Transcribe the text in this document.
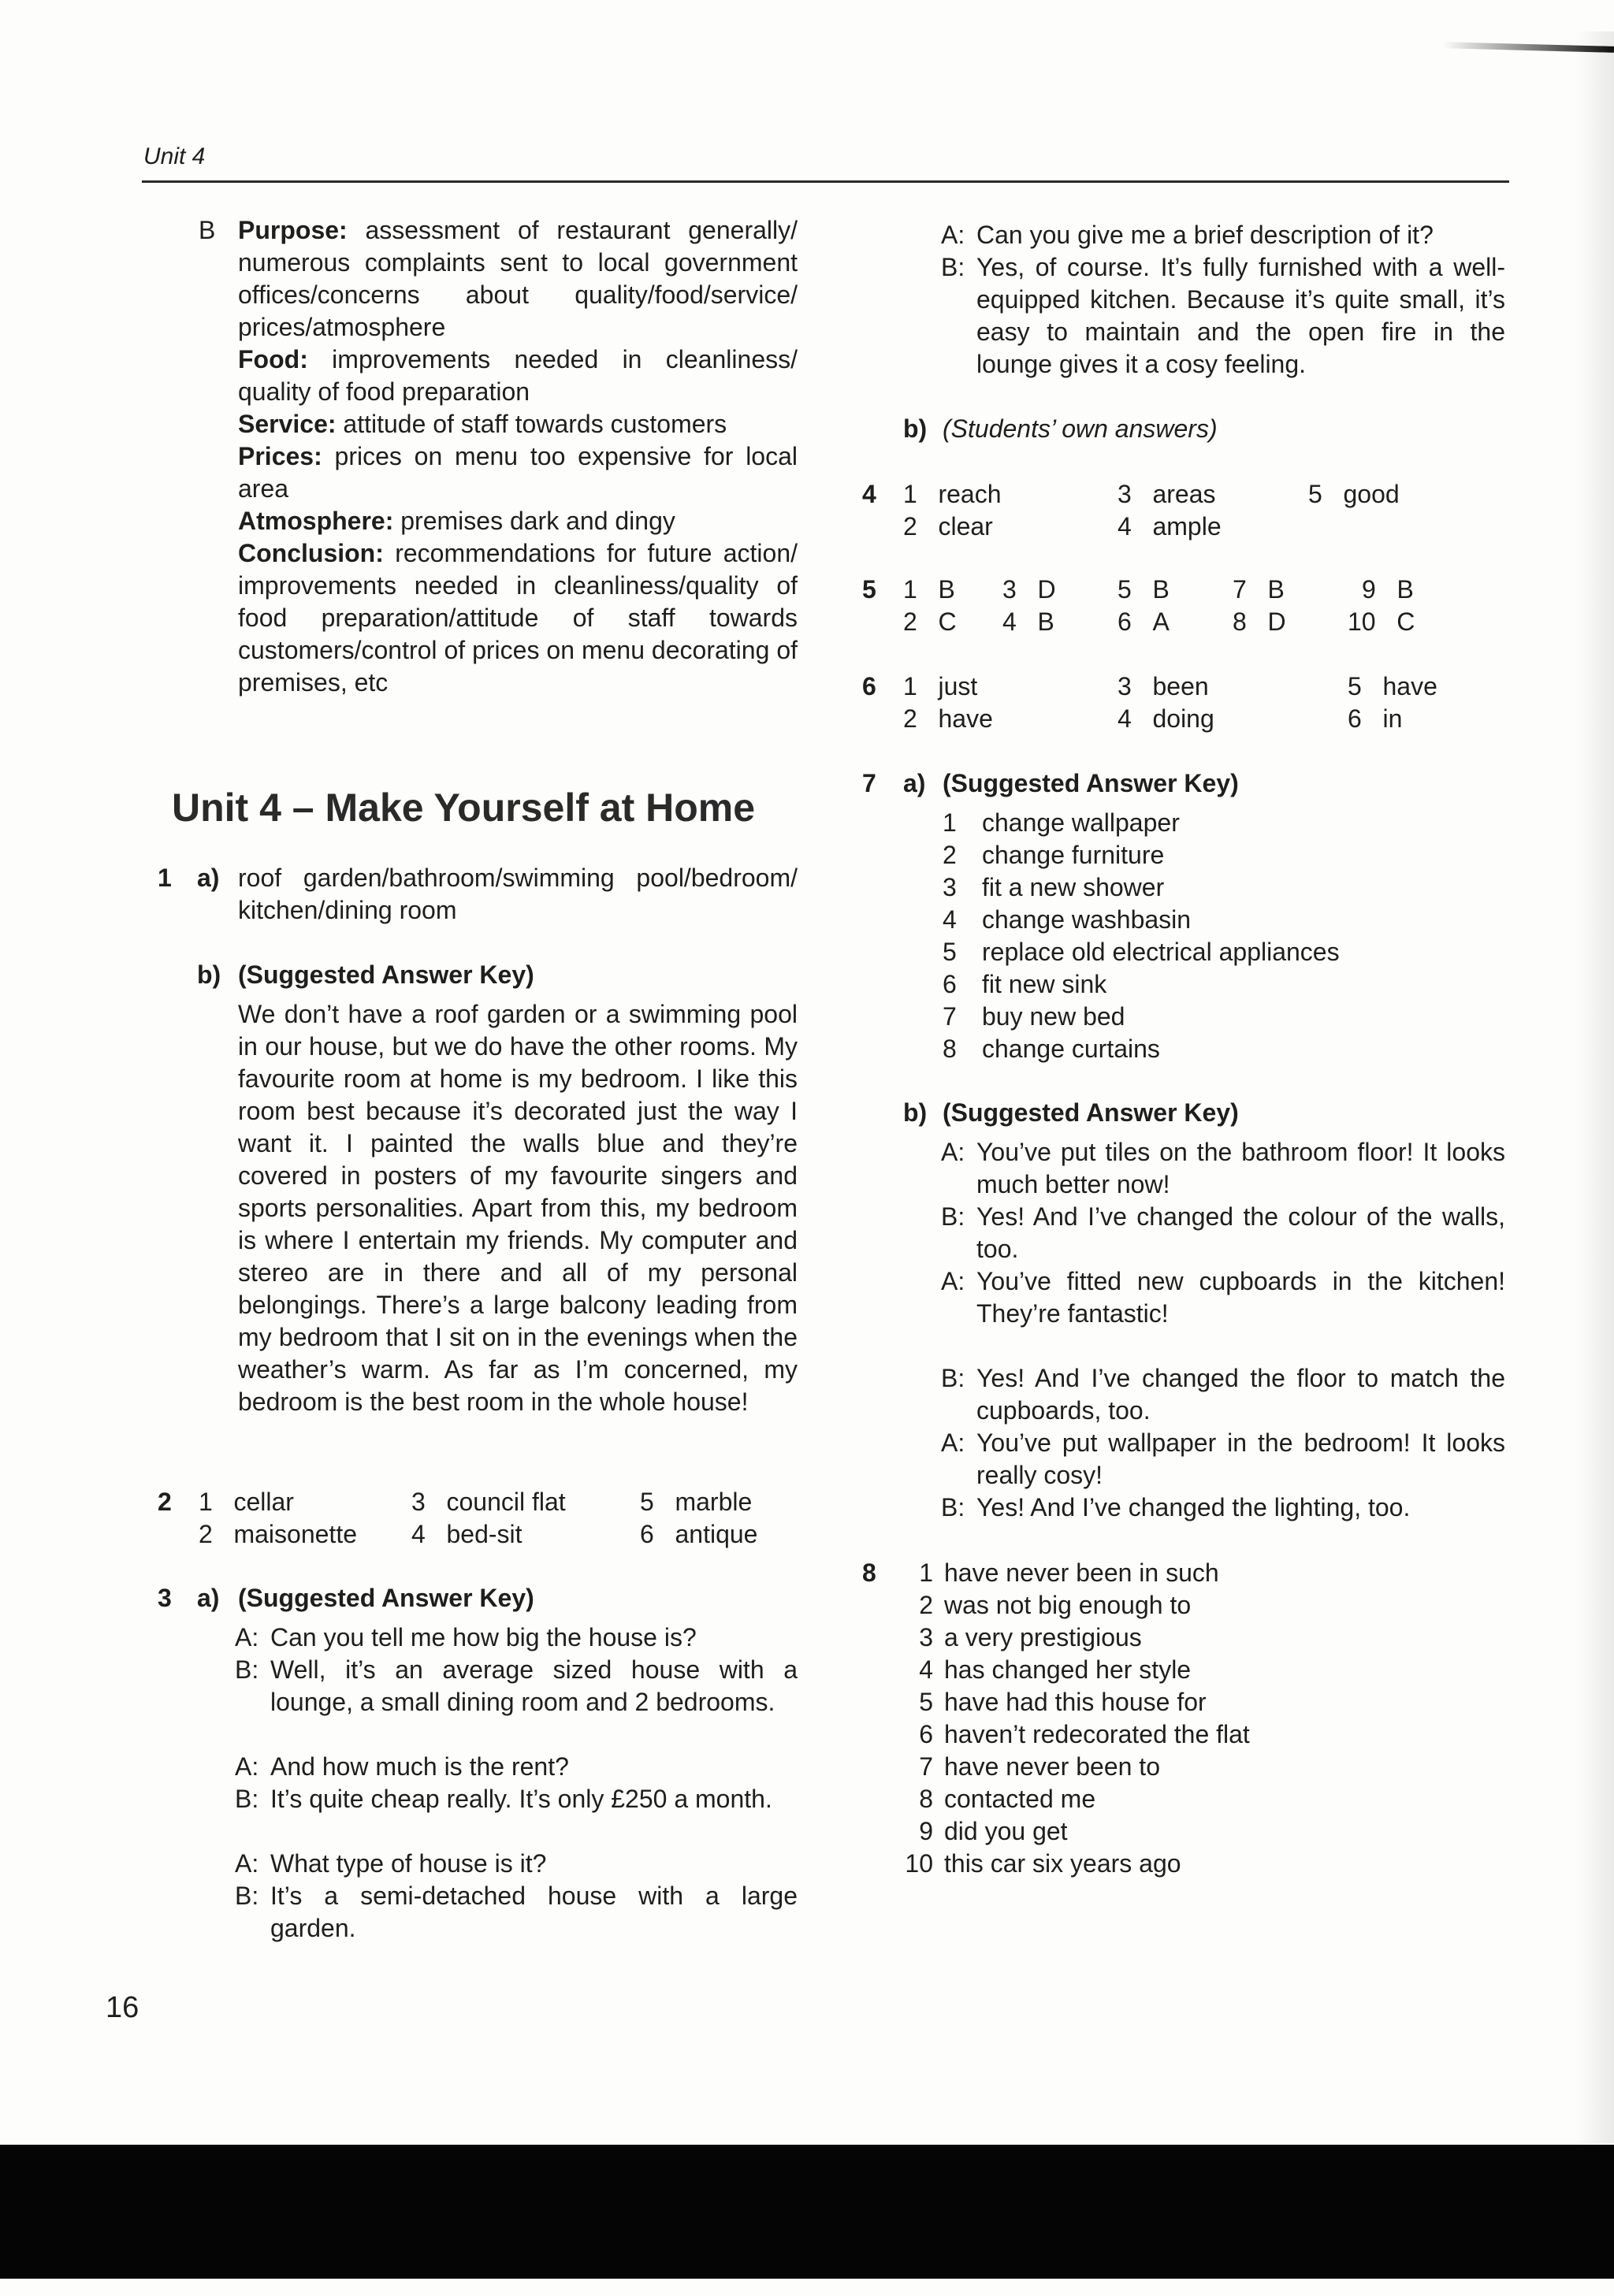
Unit 4
B Purpose: assessment of restaurant generally/ numerous complaints sent to local government offices/concerns about quality/food/service/ prices/atmosphere
Food: improvements needed in cleanliness/ quality of food preparation
Service: attitude of staff towards customers
Prices: prices on menu too expensive for local area
Atmosphere: premises dark and dingy
Conclusion: recommendations for future action/ improvements needed in cleanliness/quality of food preparation/attitude of staff towards customers/control of prices on menu decorating of premises, etc
Unit 4 – Make Yourself at Home
1 a) roof garden/bathroom/swimming pool/bedroom/ kitchen/dining room
b) (Suggested Answer Key)
We don’t have a roof garden or a swimming pool in our house, but we do have the other rooms. My favourite room at home is my bedroom. I like this room best because it’s decorated just the way I want it. I painted the walls blue and they’re covered in posters of my favourite singers and sports personalities. Apart from this, my bedroom is where I entertain my friends. My computer and stereo are in there and all of my personal belongings. There’s a large balcony leading from my bedroom that I sit on in the evenings when the weather’s warm. As far as I’m concerned, my bedroom is the best room in the whole house!
2 1 cellar	3 council flat	5 marble
2 maisonette 4 bed-sit	6 antique
3 a) (Suggested Answer Key)
A: Can you tell me how big the house is?
B: Well, it’s an average sized house with a lounge, a small dining room and 2 bedrooms.
A: And how much is the rent?
B: It’s quite cheap really. It’s only £250 a month.
A: What type of house is it?
B: It’s a semi-detached house with a large garden.
A: Can you give me a brief description of it?
B: Yes, of course. It’s fully furnished with a well-equipped kitchen. Because it’s quite small, it’s easy to maintain and the open fire in the lounge gives it a cosy feeling.
b) (Students’ own answers)
4 1 reach	3 areas	5 good
2 clear	4 ample
5 1 B 3 D 5 B	7 B	9 B
2 C 4 B	6 A	8 D 10 C
6 1 just	3 been	5 have
2 have	4 doing	6 in
7 a) (Suggested Answer Key)
1	change wallpaper
2	change furniture
3	fit a new shower
4	change washbasin
5	replace old electrical appliances
6	fit new sink
7	buy new bed
8	change curtains
b) (Suggested Answer Key)
A: You’ve put tiles on the bathroom floor! It looks much better now!
B: Yes! And I’ve changed the colour of the walls, too.
A: You’ve fitted new cupboards in the kitchen! They’re fantastic!
B: Yes! And I’ve changed the floor to match the cupboards, too.
A: You’ve put wallpaper in the bedroom! It looks really cosy!
B: Yes! And I’ve changed the lighting, too.
8	1 have never been in such
2 was not big enough to
3 a very prestigious
4 has changed her style
5 have had this house for
6 haven’t redecorated the flat
7 have never been to
8 contacted me
9 did you get
10 this car six years ago
16
